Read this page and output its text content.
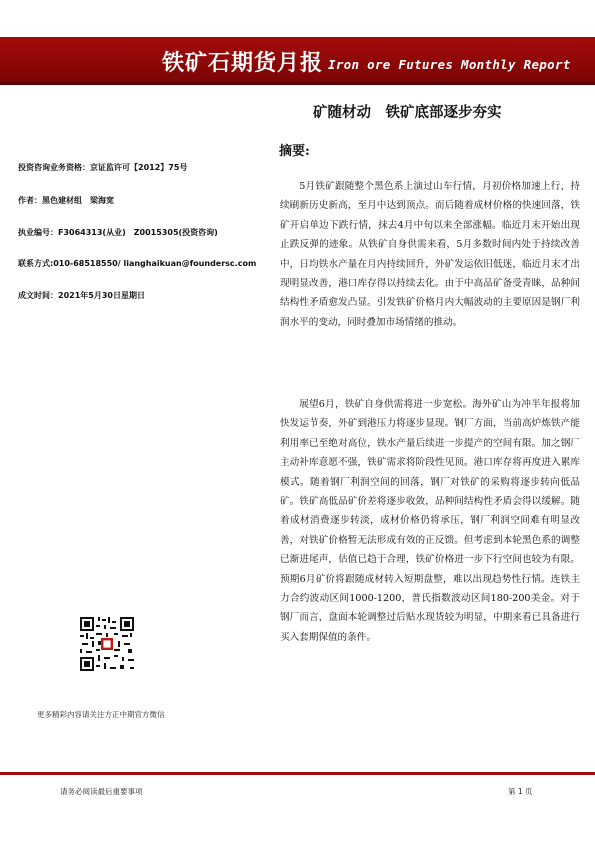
铁矿石期货月报 Iron ore Futures Monthly Report
矿随材动　铁矿底部逐步夯实
摘要:
投资咨询业务资格：京证监许可【2012】75号
作者：黑色建材组　梁海宽
执业编号：F3064313(从业)　Z0015305(投资咨询)
联系方式:010-68518550/ lianghaikuan@foundersc.com
成文时间：2021年5月30日星期日
更多精彩内容请关注方正中期官方微信
5月铁矿跟随整个黑色系上演过山车行情，月初价格加速上行，持续刷新历史新高，至月中达到顶点。而后随着成材价格的快速回落，铁矿开启单边下跌行情，抹去4月中旬以来全部涨幅。临近月末开始出现止跌反弹的迹象。从铁矿自身供需来看，5月多数时间内处于持续改善中，日均铁水产量在月内持续回升，外矿发运依旧低迷，临近月末才出现明显改善，港口库存得以持续去化。由于中高品矿备受青睐，品种间结构性矛盾愈发凸显。引发铁矿价格月内大幅波动的主要原因是钢厂利润水平的变动，同时叠加市场情绪的推动。
展望6月，铁矿自身供需将进一步宽松。海外矿山为冲半年报将加快发运节奏，外矿到港压力将逐步显现。钢厂方面，当前高炉炼铁产能利用率已至绝对高位，铁水产量后续进一步提产的空间有限。加之钢厂主动补库意愿不强，铁矿需求将阶段性见顶。港口库存将再度进入累库模式。随着钢厂利润空间的回落，钢厂对铁矿的采购将逐步转向低品矿。铁矿高低品矿价差将逐步收敛，品种间结构性矛盾会得以缓解。随着成材消费逐步转淡，成材价格仍将承压，钢厂利润空间难有明显改善，对铁矿价格暂无法形成有效的正反馈。但考虑到本轮黑色系的调整已渐进尾声，估值已趋于合理，铁矿价格进一步下行空间也较为有限。预期6月矿价将跟随成材转入短期盘整，难以出现趋势性行情。连铁主力合约波动区间1000-1200，普氏指数波动区间180-200美金。对于钢厂而言，盘面本轮调整过后贴水现货较为明显，中期来看已具备进行买入套期保值的条件。
请务必阅读最后重要事项	第 1 页
